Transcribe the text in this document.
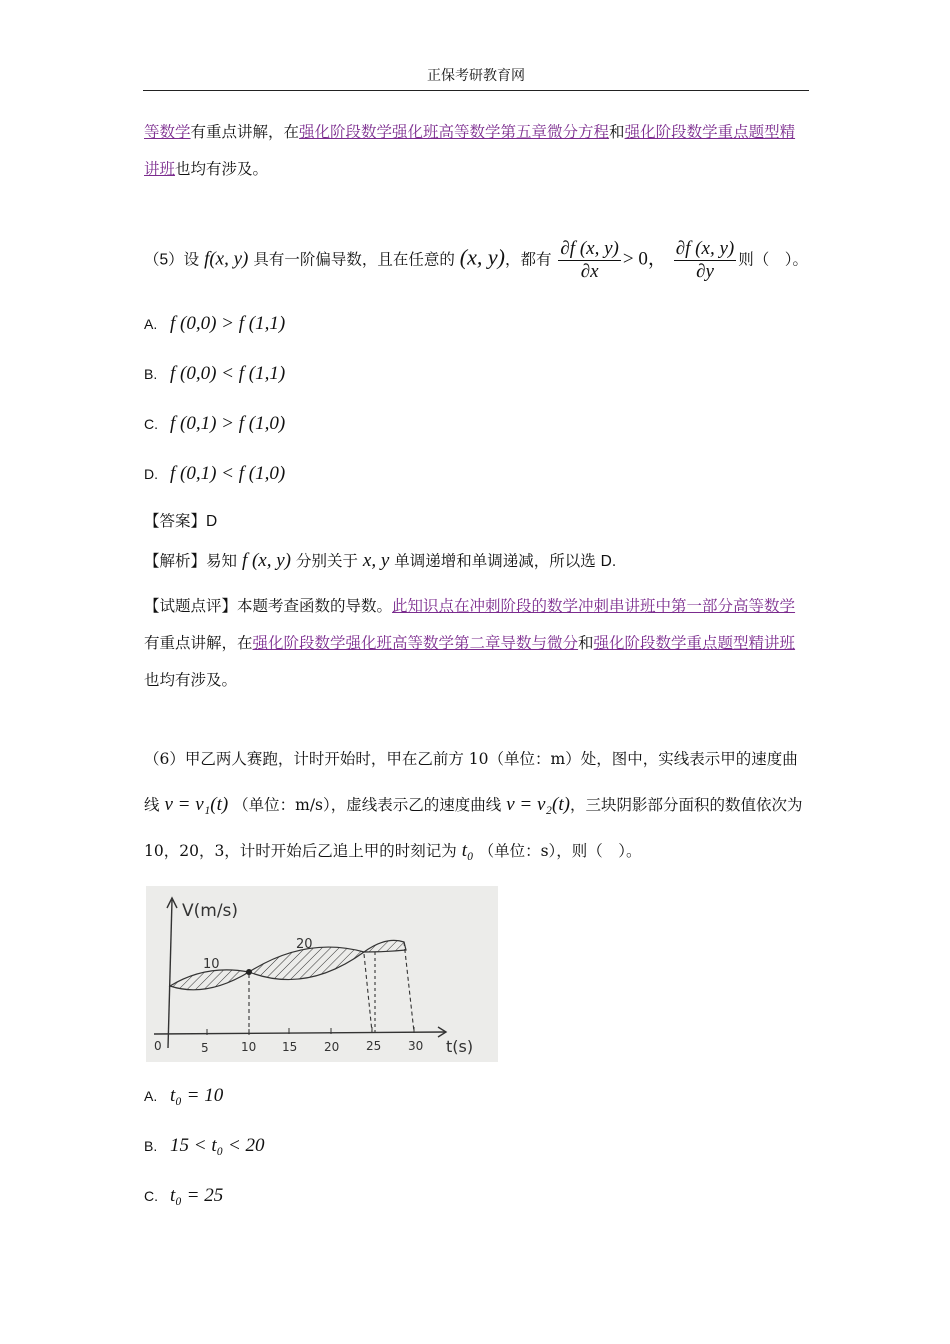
正保考研教育网
等数学有重点讲解，在强化阶段数学强化班高等数学第五章微分方程和强化阶段数学重点题型精讲班也均有涉及。
（5）设 f(x, y) 具有一阶偏导数，且在任意的 (x, y)，都有 $\frac{\partial f (x, y)}{\partial x} > 0$， $\frac{\partial f (x, y)}{\partial y}$ 则（　）。
A. f (0,0) > f (1,1)
B. f (0,0) < f (1,1)
C. f (0,1) > f (1,0)
D. f (0,1) < f (1,0)
【答案】D
【解析】易知 f (x, y) 分别关于 x, y 单调递增和单调递减，所以选 D.
【试题点评】本题考查函数的导数。此知识点在冲刺阶段的数学冲刺串讲班中第一部分高等数学有重点讲解，在强化阶段数学强化班高等数学第二章导数与微分和强化阶段数学重点题型精讲班也均有涉及。
（6）甲乙两人赛跑，计时开始时，甲在乙前方 10（单位：m）处，图中，实线表示甲的速度曲线 v = v₁(t) （单位：m/s），虚线表示乙的速度曲线 v = v₂(t)，三块阴影部分面积的数值依次为 10，20，3，计时开始后乙追上甲的时刻记为 t₀ （单位：s），则（　）。
V(m/s)
t(s)
10
20
0	5	10 15 20 25 30
A. t₀ = 10
B. 15 < t₀ < 20
C. t₀ = 25
